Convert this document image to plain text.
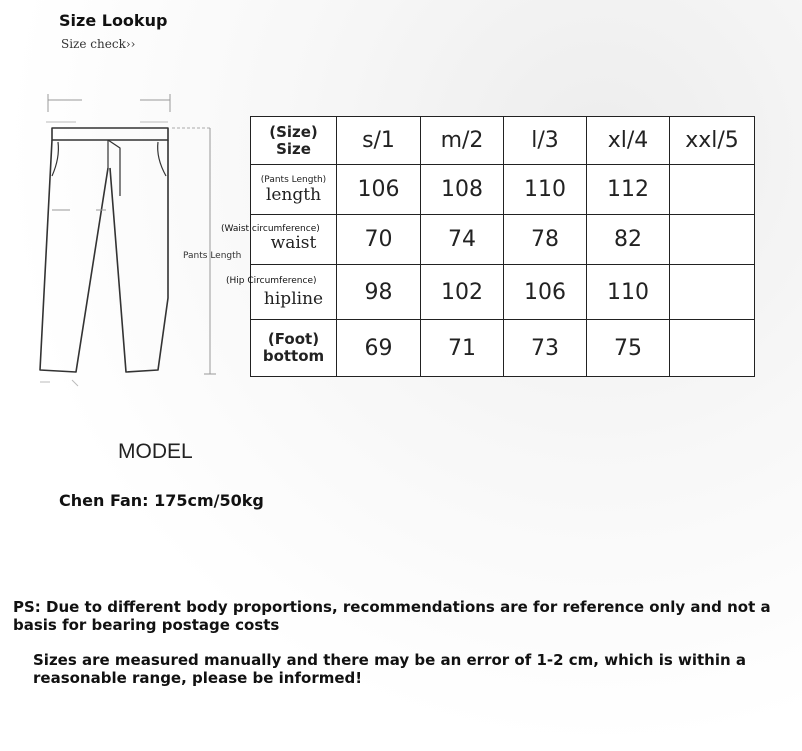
Size Lookup
Size check››
Pants Length
(Size)
Size	s/1	m/2	l/3	xl/4	xxl/5

(Pants Length)
length	106	108	110	112	

waist	70	74	78	82	

hipline	98	102	106	110	

(Foot)
bottom	69	71	73	75	
(Waist circumference)
(Hip Circumference)
MODEL
Chen Fan: 175cm/50kg
PS: Due to different body proportions, recommendations are for reference only and not a basis for bearing postage costs
Sizes are measured manually and there may be an error of 1-2 cm, which is within a reasonable range, please be informed!
